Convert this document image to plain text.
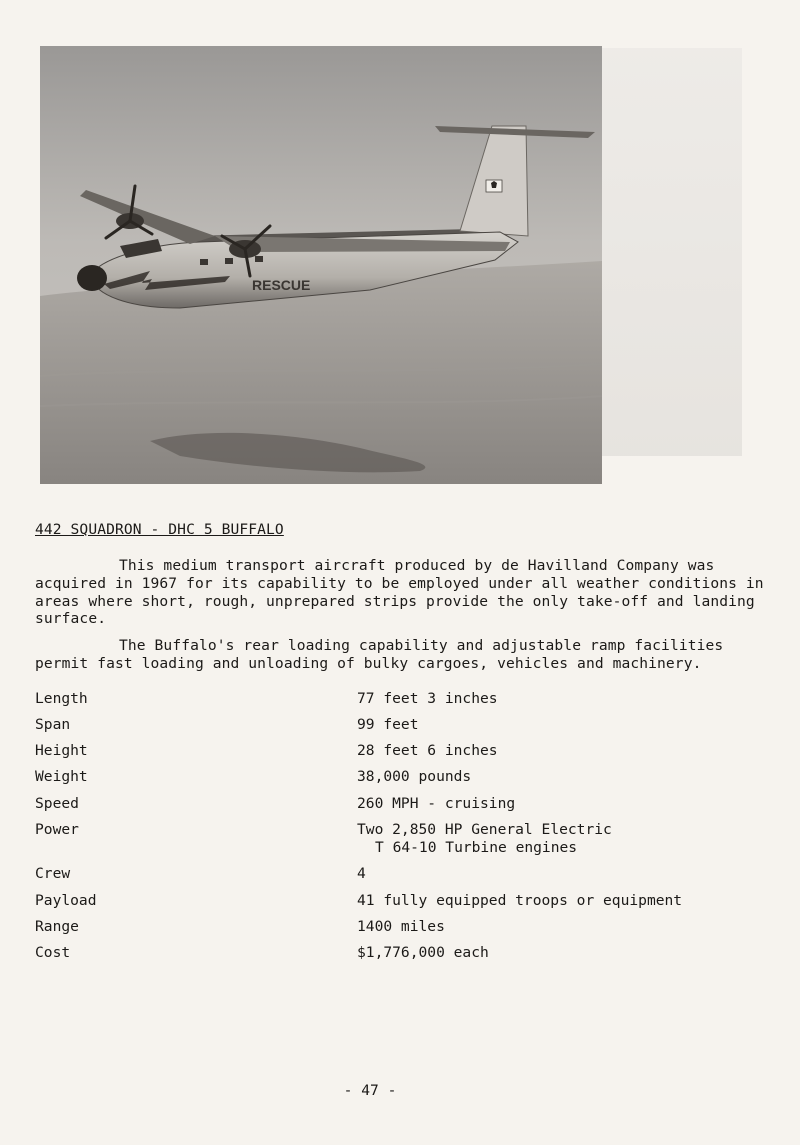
RESCUE
442 SQUADRON - DHC 5 BUFFALO
This medium transport aircraft produced by de Havilland Company was acquired in 1967 for its capability to be employed under all weather conditions in areas where short, rough, unprepared strips provide the only take-off and landing surface.
The Buffalo's rear loading capability and adjustable ramp facilities permit fast loading and unloading of bulky cargoes, vehicles and machinery.
Length	77 feet 3 inches
Span	99 feet
Height	28 feet 6 inches
Weight	38,000 pounds
Speed	260 MPH - cruising
Power	Two 2,850 HP General Electric
T 64-10 Turbine engines
Crew	4
Payload	41 fully equipped troops or equipment
Range	1400 miles
Cost	$1,776,000 each
- 47 -
